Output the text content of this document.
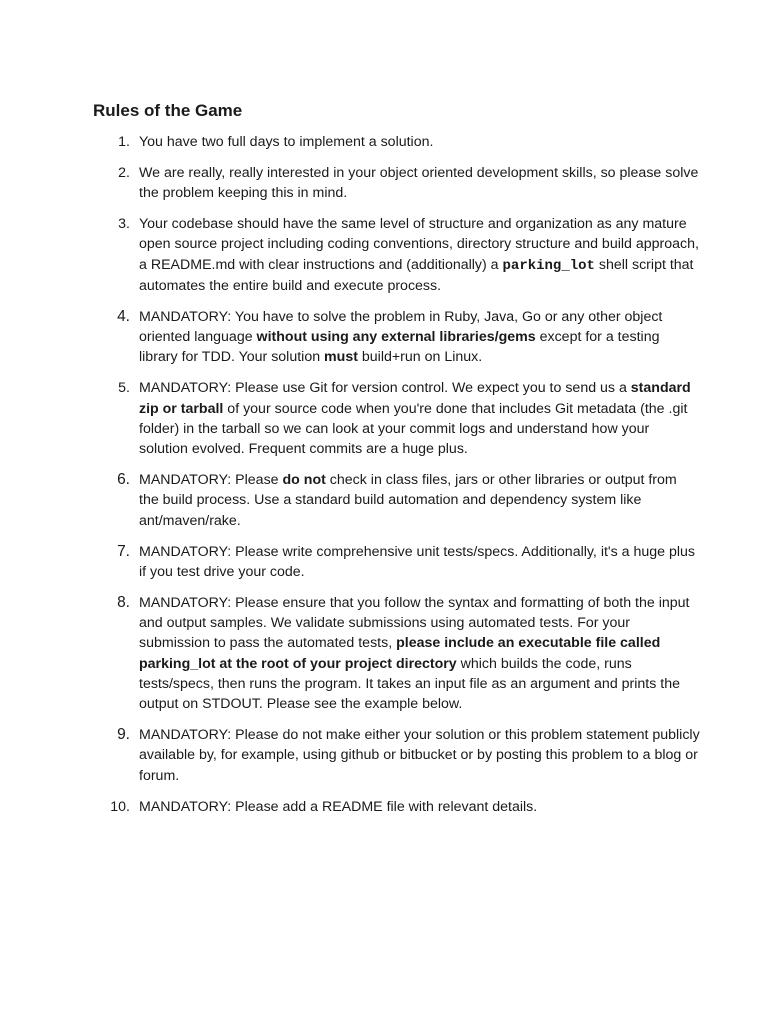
Rules of the Game
1. You have two full days to implement a solution.
2. We are really, really interested in your object oriented development skills, so please solve the problem keeping this in mind.
3. Your codebase should have the same level of structure and organization as any mature open source project including coding conventions, directory structure and build approach, a README.md with clear instructions and (additionally) a parking_lot shell script that automates the entire build and execute process.
4. MANDATORY: You have to solve the problem in Ruby, Java, Go or any other object oriented language without using any external libraries/gems except for a testing library for TDD. Your solution must build+run on Linux.
5. MANDATORY: Please use Git for version control. We expect you to send us a standard zip or tarball of your source code when you're done that includes Git metadata (the .git folder) in the tarball so we can look at your commit logs and understand how your solution evolved. Frequent commits are a huge plus.
6. MANDATORY: Please do not check in class files, jars or other libraries or output from the build process. Use a standard build automation and dependency system like ant/maven/rake.
7. MANDATORY: Please write comprehensive unit tests/specs. Additionally, it's a huge plus if you test drive your code.
8. MANDATORY: Please ensure that you follow the syntax and formatting of both the input and output samples. We validate submissions using automated tests. For your submission to pass the automated tests, please include an executable file called parking_lot at the root of your project directory which builds the code, runs tests/specs, then runs the program. It takes an input file as an argument and prints the output on STDOUT. Please see the example below.
9. MANDATORY: Please do not make either your solution or this problem statement publicly available by, for example, using github or bitbucket or by posting this problem to a blog or forum.
10. MANDATORY: Please add a README file with relevant details.
